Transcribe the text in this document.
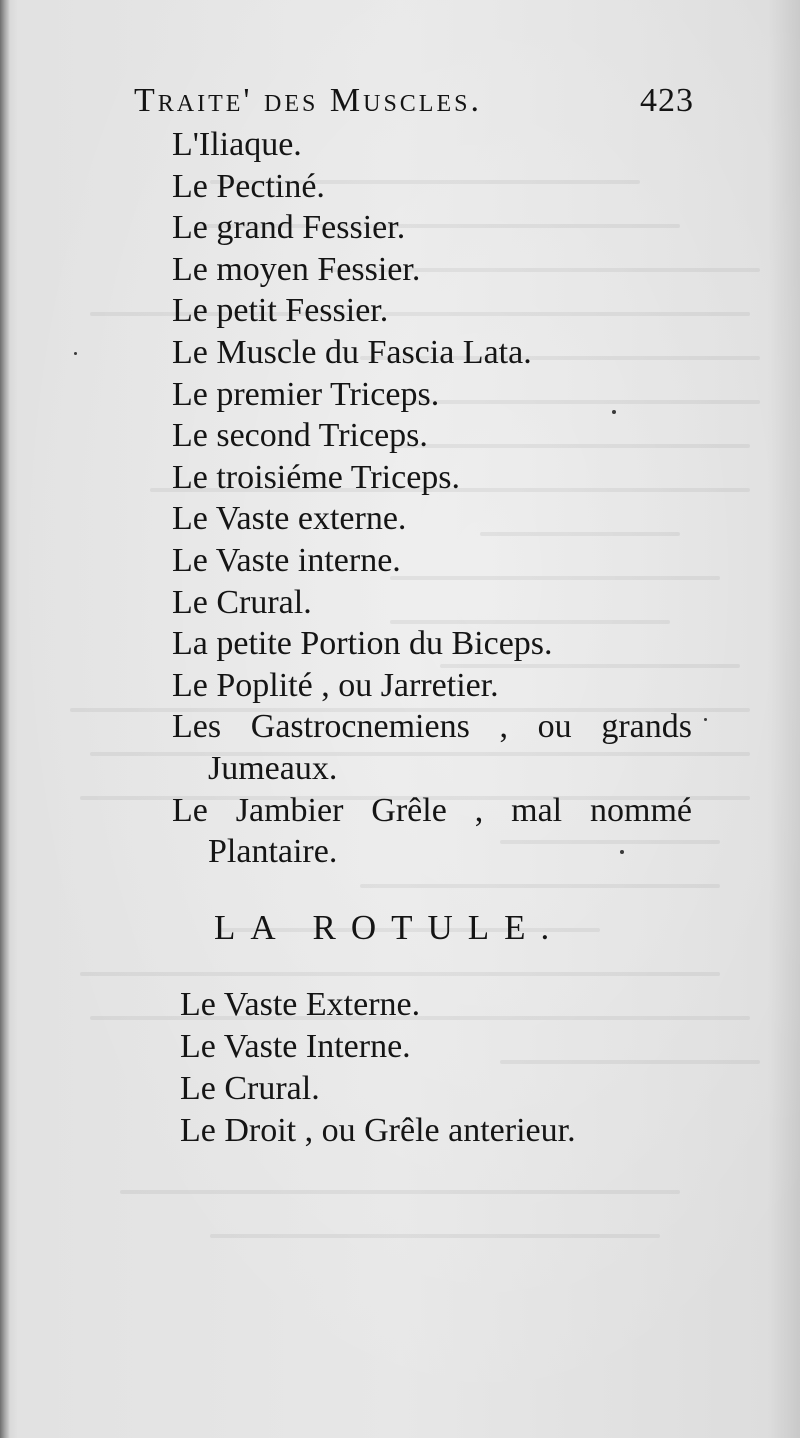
Traite' des Muscles.	423
L'Iliaque.
Le Pectiné.
Le grand Fessier.
Le moyen Fessier.
Le petit Fessier.
Le Muscle du Fascia Lata.
Le premier Triceps.
Le second Triceps.
Le troisiéme Triceps.
Le Vaste externe.
Le Vaste interne.
Le Crural.
La petite Portion du Biceps.
Le Poplité , ou Jarretier.
Les Gastrocnemiens , ou grands Jumeaux.
Le Jambier Grêle , mal nommé Plantaire.
LA ROTULE.
Le Vaste Externe.
Le Vaste Interne.
Le Crural.
Le Droit , ou Grêle anterieur.
